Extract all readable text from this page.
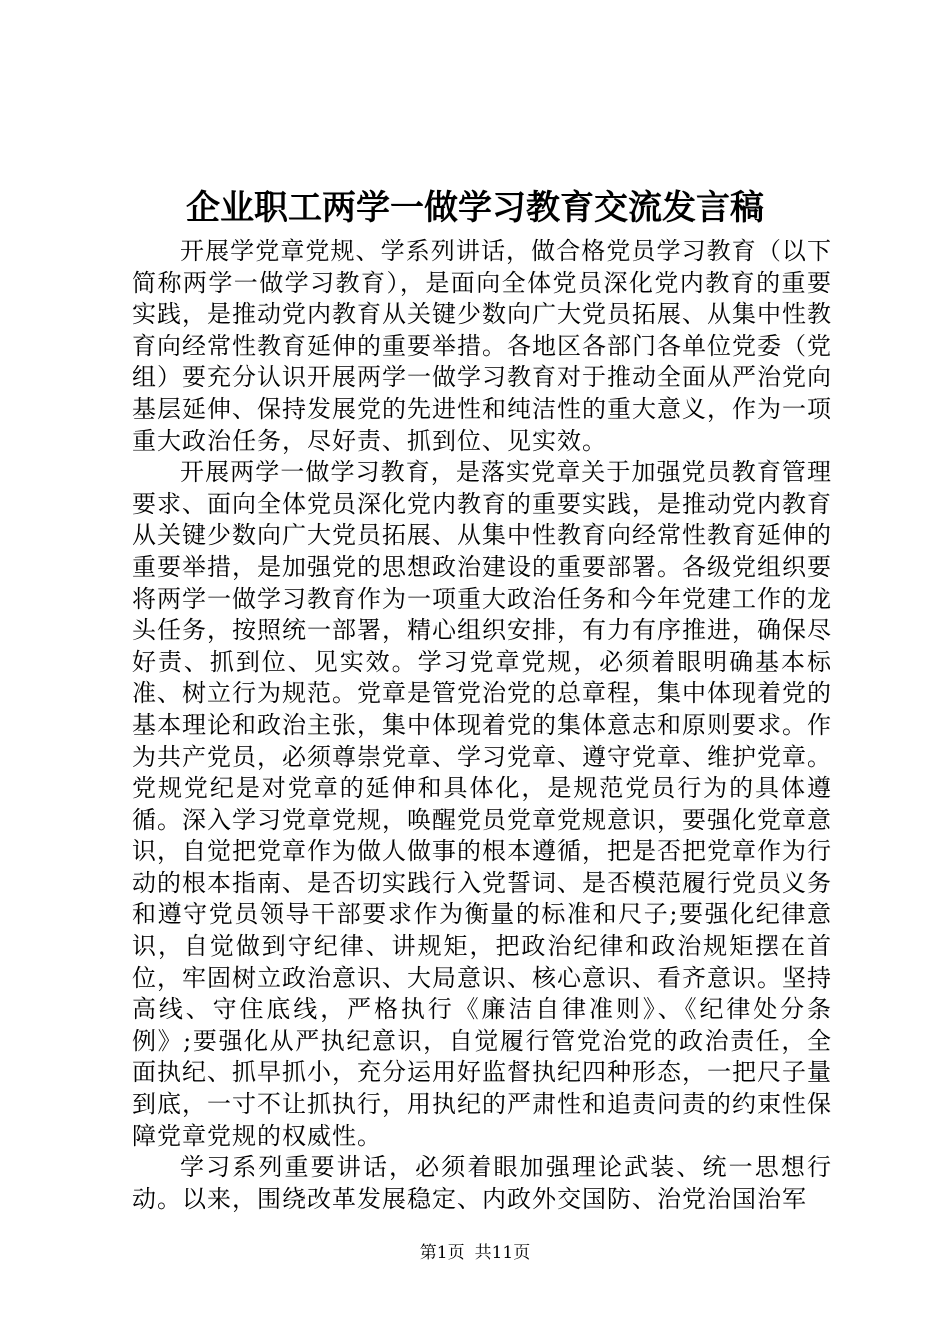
企业职工两学一做学习教育交流发言稿

开展学党章党规、学系列讲话，做合格党员学习教育（以下简称两学一做学习教育），是面向全体党员深化党内教育的重要实践，是推动党内教育从关键少数向广大党员拓展、从集中性教育向经常性教育延伸的重要举措。各地区各部门各单位党委（党组）要充分认识开展两学一做学习教育对于推动全面从严治党向基层延伸、保持发展党的先进性和纯洁性的重大意义，作为一项重大政治任务，尽好责、抓到位、见实效。

开展两学一做学习教育，是落实党章关于加强党员教育管理要求、面向全体党员深化党内教育的重要实践，是推动党内教育从关键少数向广大党员拓展、从集中性教育向经常性教育延伸的重要举措，是加强党的思想政治建设的重要部署。各级党组织要将两学一做学习教育作为一项重大政治任务和今年党建工作的龙头任务，按照统一部署，精心组织安排，有力有序推进，确保尽好责、抓到位、见实效。学习党章党规，必须着眼明确基本标准、树立行为规范。党章是管党治党的总章程，集中体现着党的基本理论和政治主张，集中体现着党的集体意志和原则要求。作为共产党员，必须尊崇党章、学习党章、遵守党章、维护党章。党规党纪是对党章的延伸和具体化，是规范党员行为的具体遵循。深入学习党章党规，唤醒党员党章党规意识，要强化党章意识，自觉把党章作为做人做事的根本遵循，把是否把党章作为行动的根本指南、是否切实践行入党誓词、是否模范履行党员义务和遵守党员领导干部要求作为衡量的标准和尺子;要强化纪律意识，自觉做到守纪律、讲规矩，把政治纪律和政治规矩摆在首位，牢固树立政治意识、大局意识、核心意识、看齐意识。坚持高线、守住底线，严格执行《廉洁自律准则》、《纪律处分条例》;要强化从严执纪意识，自觉履行管党治党的政治责任，全面执纪、抓早抓小，充分运用好监督执纪四种形态，一把尺子量到底，一寸不让抓执行，用执纪的严肃性和追责问责的约束性保障党章党规的权威性。

学习系列重要讲话，必须着眼加强理论武装、统一思想行动。以来，围绕改革发展稳定、内政外交国防、治党治国治军

第1页 共11页
